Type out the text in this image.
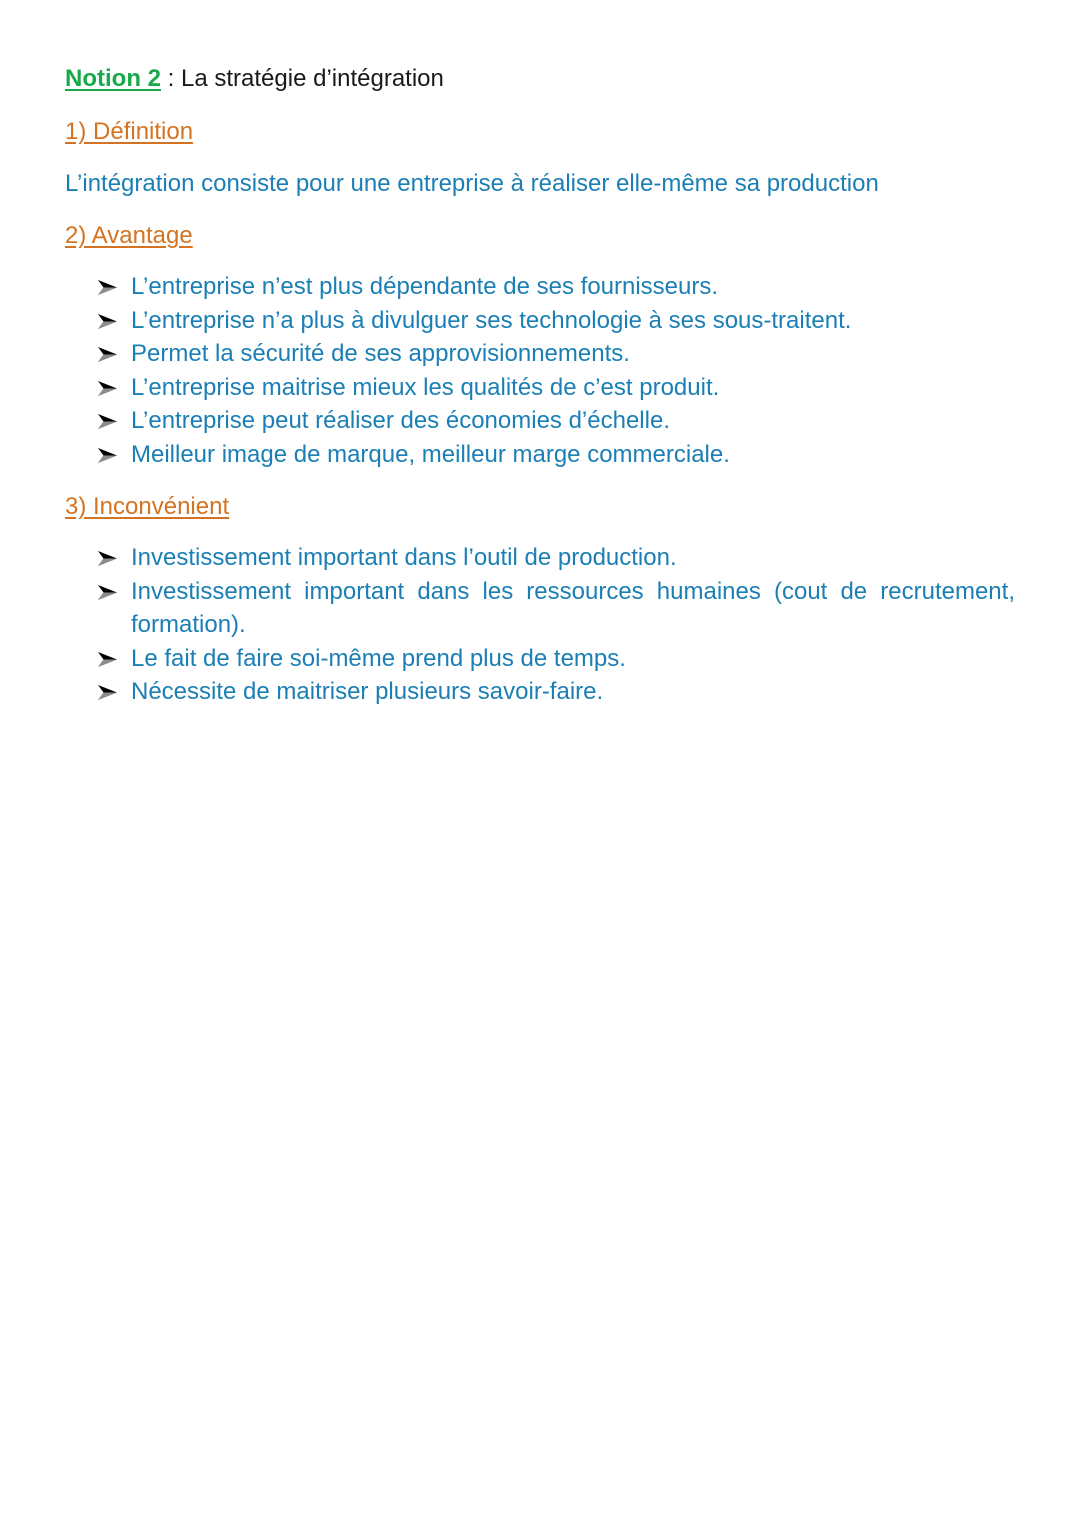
Notion 2 : La stratégie d’intégration
1) Définition
L’intégration consiste pour une entreprise à réaliser elle-même sa production
2) Avantage
L’entreprise n’est plus dépendante de ses fournisseurs.
L’entreprise n’a plus à divulguer ses technologie à ses sous-traitent.
Permet la sécurité de ses approvisionnements.
L’entreprise maitrise mieux les qualités de c’est produit.
L’entreprise peut réaliser des économies d’échelle.
Meilleur image de marque, meilleur marge commerciale.
3) Inconvénient
Investissement important dans l’outil de production.
Investissement important dans les ressources humaines (cout de recrutement, formation).
Le fait de faire soi-même prend plus de temps.
Nécessite de maitriser plusieurs savoir-faire.
